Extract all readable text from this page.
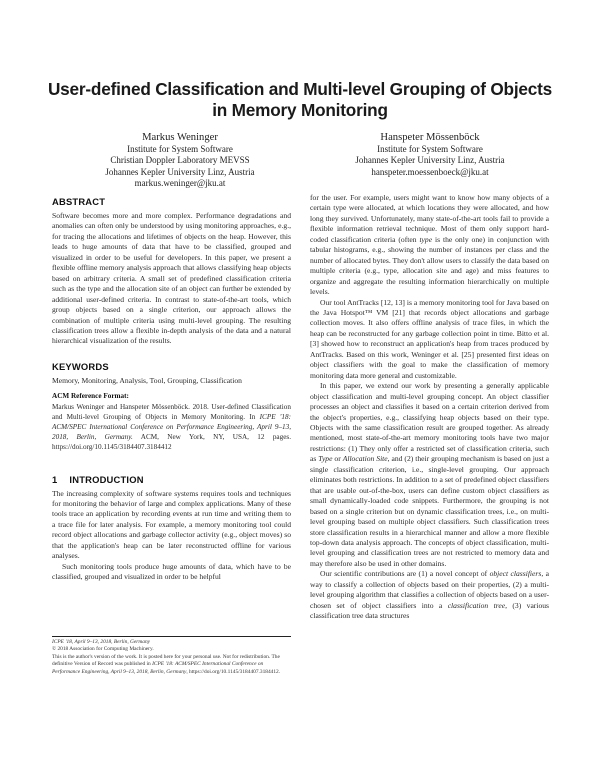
User-defined Classification and Multi-level Grouping of Objects
in Memory Monitoring
Markus Weninger
Institute for System Software
Christian Doppler Laboratory MEVSS
Johannes Kepler University Linz, Austria
markus.weninger@jku.at
Hanspeter Mössenböck
Institute for System Software
Johannes Kepler University Linz, Austria
hanspeter.moessenboeck@jku.at
ABSTRACT

Software becomes more and more complex. Performance degradations and anomalies can often only be understood by using monitoring approaches, e.g., for tracing the allocations and lifetimes of objects on the heap. However, this leads to huge amounts of data that have to be classified, grouped and visualized in order to be useful for developers. In this paper, we present a flexible offline memory analysis approach that allows classifying heap objects based on arbitrary criteria. A small set of predefined classification criteria such as the type and the allocation site of an object can further be extended by additional user-defined criteria. In contrast to state-of-the-art tools, which group objects based on a single criterion, our approach allows the combination of multiple criteria using multi-level grouping. The resulting classification trees allow a flexible in-depth analysis of the data and a natural hierarchical visualization of the results.

KEYWORDS

Memory, Monitoring, Analysis, Tool, Grouping, Classification

ACM Reference Format:

Markus Weninger and Hanspeter Mössenböck. 2018. User-defined Classification and Multi-level Grouping of Objects in Memory Monitoring. In ICPE '18: ACM/SPEC International Conference on Performance Engineering, April 9–13, 2018, Berlin, Germany. ACM, New York, NY, USA, 12 pages. https://doi.org/10.1145/3184407.3184412

1 INTRODUCTION

The increasing complexity of software systems requires tools and techniques for monitoring the behavior of large and complex applications. Many of these tools trace an application by recording events at run time and writing them to a trace file for later analysis. For example, a memory monitoring tool could record object allocations and garbage collector activity (e.g., object moves) so that the application's heap can be later reconstructed offline for various analyses.

Such monitoring tools produce huge amounts of data, which have to be classified, grouped and visualized in order to be helpful

ICPE '18, April 9–13, 2018, Berlin, Germany
© 2018 Association for Computing Machinery.
This is the author's version of the work. It is posted here for your personal use. Not for redistribution. The definitive Version of Record was published in ICPE '18: ACM/SPEC International Conference on Performance Engineering, April 9–13, 2018, Berlin, Germany, https://doi.org/10.1145/3184407.3184412.

for the user. For example, users might want to know how many objects of a certain type were allocated, at which locations they were allocated, and how long they survived. Unfortunately, many state-of-the-art tools fail to provide a flexible information retrieval technique. Most of them only support hard-coded classification criteria (often type is the only one) in conjunction with tabular histograms, e.g., showing the number of instances per class and the number of allocated bytes. They don't allow users to classify the data based on multiple criteria (e.g., type, allocation site and age) and miss features to organize and aggregate the resulting information hierarchically on multiple levels.

Our tool AntTracks [12, 13] is a memory monitoring tool for Java based on the Java Hotspot™ VM [21] that records object allocations and garbage collection moves. It also offers offline analysis of trace files, in which the heap can be reconstructed for any garbage collection point in time. Bitto et al. [3] showed how to reconstruct an application's heap from traces produced by AntTracks. Based on this work, Weninger et al. [25] presented first ideas on object classifiers with the goal to make the classification of memory monitoring data more general and customizable.

In this paper, we extend our work by presenting a generally applicable object classification and multi-level grouping concept. An object classifier processes an object and classifies it based on a certain criterion derived from the object's properties, e.g., classifying heap objects based on their type. Objects with the same classification result are grouped together. As already mentioned, most state-of-the-art memory monitoring tools have two major restrictions: (1) They only offer a restricted set of classification criteria, such as Type or Allocation Site, and (2) their grouping mechanism is based on just a single classification criterion, i.e., single-level grouping. Our approach eliminates both restrictions. In addition to a set of predefined object classifiers that are usable out-of-the-box, users can define custom object classifiers as small dynamically-loaded code snippets. Furthermore, the grouping is not based on a single criterion but on dynamic classification trees, i.e., on multi-level grouping based on multiple object classifiers. Such classification trees store classification results in a hierarchical manner and allow a more flexible top-down data analysis approach. The concepts of object classification, multi-level grouping and classification trees are not restricted to memory data and may therefore also be used in other domains.

Our scientific contributions are (1) a novel concept of object classifiers, a way to classify a collection of objects based on their properties, (2) a multi-level grouping algorithm that classifies a collection of objects based on a user-chosen set of object classifiers into a classification tree, (3) various classification tree data structures
